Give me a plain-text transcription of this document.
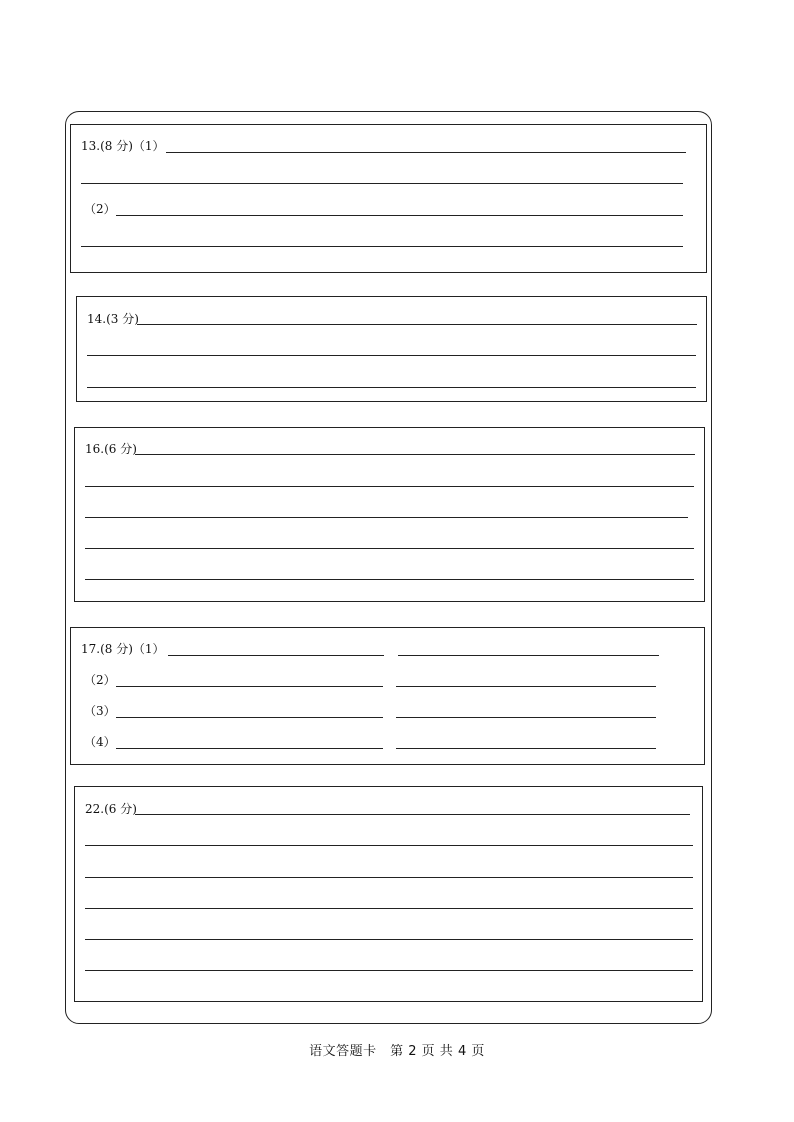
13.(8 分)（1）
（2）
14.(3 分)
16.(6 分)
17.(8 分)（1）
（2）
（3）
（4）
22.(6 分)
语文答题卡　第 2 页 共 4 页
